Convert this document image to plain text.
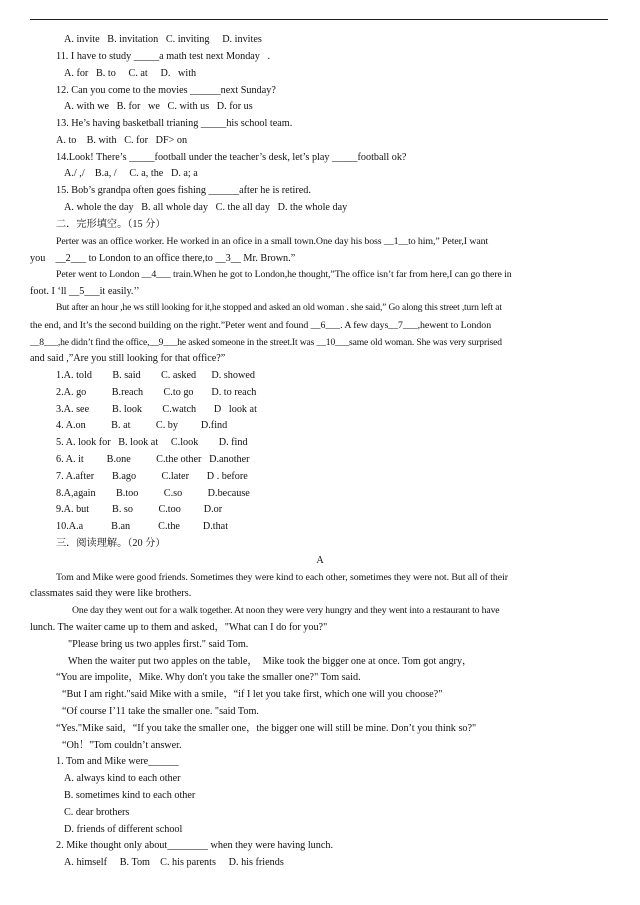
A. invite   B. invitation   C. inviting     D. invites
11. I have to study _____a math test next Monday   .
A. for   B. to     C. at     D.   with
12. Can you come to the movies ______next Sunday?
A. with we   B. for   we   C. with us   D. for us
13. He’s having basketball trianing _____his school team.
A. to    B. with   C. for   DF> on
14.Look! There’s _____football under the teacher’s desk, let’s play _____football ok?
A./ ,/    B.a, /     C. a, the   D. a; a
15. Bob’s grandpa often goes fishing ______after he is retired.
A. whole the day   B. all whole day   C. the all day   D. the whole day
二．完形填空。（15 分）
Perter was an office worker. He worked in an ofice in a small town.One day his boss __1__to him,” Peter,I want
you    __2___ to London to an office there,to __3__ Mr. Brown.”
Peter went to London __4___ train.When he got to London,he thought,”The office isn’t far from here,I can go there in
foot. I ‘ll __5___it easily.’’
But after an hour ,he ws still looking for it,he stopped and asked an old woman . she said,” Go along this street ,turn left at
the end, and It’s the second building on the right.”Peter went and found __6___. A few days__7___,hewent to London
__8___,he didn’t find the office,__9___he asked someone in the street.It was __10___same old woman. She was very surprised
and said ,”Are you still looking for that office?”
1.A. told        B. said        C. asked      D. showed
2.A. go          B.reach        C.to go       D. to reach
3.A. see         B. look        C.watch       D   look at
4. A.on          B. at          C. by         D.find
5. A. look for   B. look at     C.look        D. find
6. A. it         B.one          C.the other   D.another
7. A.after       B.ago          C.later       D . before
8.A,again        B.too          C.so          D.because
9.A. but         B. so          C.too         D.or
10.A.a           B.an           C.the         D.that
三．阅读理解。（20 分）
A
Tom and Mike were good friends. Sometimes they were kind to each other, sometimes they were not. But all of their
classmates said they were like brothers.
One day they went out for a walk together. At noon they were very hungry and they went into a restaurant to have
lunch. The waiter came up to them and asked，"What can I do for you?"
"Please bring us two apples first." said Tom.
When the waiter put two apples on the table，  Mike took the bigger one at once. Tom got angry，
“You are impolite，Mike. Why don't you take the smaller one?" Tom said.
“But I am right."said Mike with a smile，“if I let you take first, which one will you choose?"
“Of course I’11 take the smaller one. "said Tom.
“Yes."Mike said，“If you take the smaller one，the bigger one will still be mine. Don’t you think so?"
“Oh！"Tom couldn’t answer.
1. Tom and Mike were______
A. always kind to each other
B. sometimes kind to each other
C. dear brothers
D. friends of different school
2. Mike thought only about________ when they were having lunch.
A. himself     B. Tom    C. his parents     D. his friends
